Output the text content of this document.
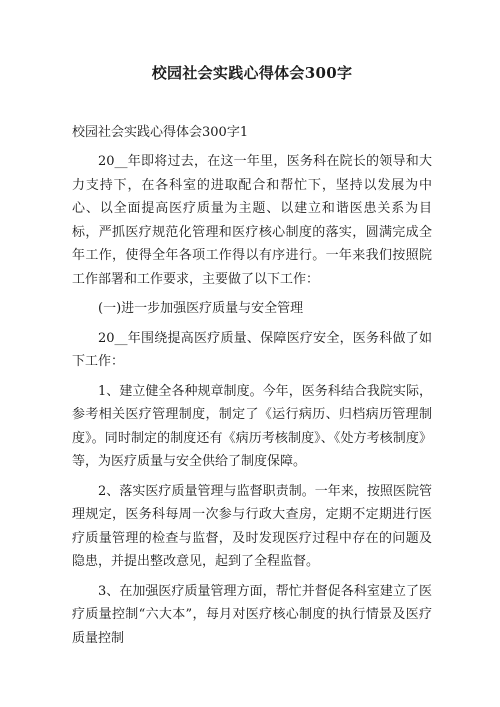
校园社会实践心得体会300字
校园社会实践心得体会300字1

20__年即将过去，在这一年里，医务科在院长的领导和大力支持下，在各科室的进取配合和帮忙下，坚持以发展为中心、以全面提高医疗质量为主题、以建立和谐医患关系为目标，严抓医疗规范化管理和医疗核心制度的落实，圆满完成全年工作，使得全年各项工作得以有序进行。一年来我们按照院工作部署和工作要求，主要做了以下工作：

(一)进一步加强医疗质量与安全管理

20__年围绕提高医疗质量、保障医疗安全，医务科做了如下工作：

1、建立健全各种规章制度。今年，医务科结合我院实际，参考相关医疗管理制度，制定了《运行病历、归档病历管理制度》。同时制定的制度还有《病历考核制度》、《处方考核制度》等，为医疗质量与安全供给了制度保障。

2、落实医疗质量管理与监督职责制。一年来，按照医院管理规定，医务科每周一次参与行政大查房，定期不定期进行医疗质量管理的检查与监督，及时发现医疗过程中存在的问题及隐患，并提出整改意见，起到了全程监督。

3、在加强医疗质量管理方面，帮忙并督促各科室建立了医疗质量控制“六大本”，每月对医疗核心制度的执行情景及医疗质量控制
